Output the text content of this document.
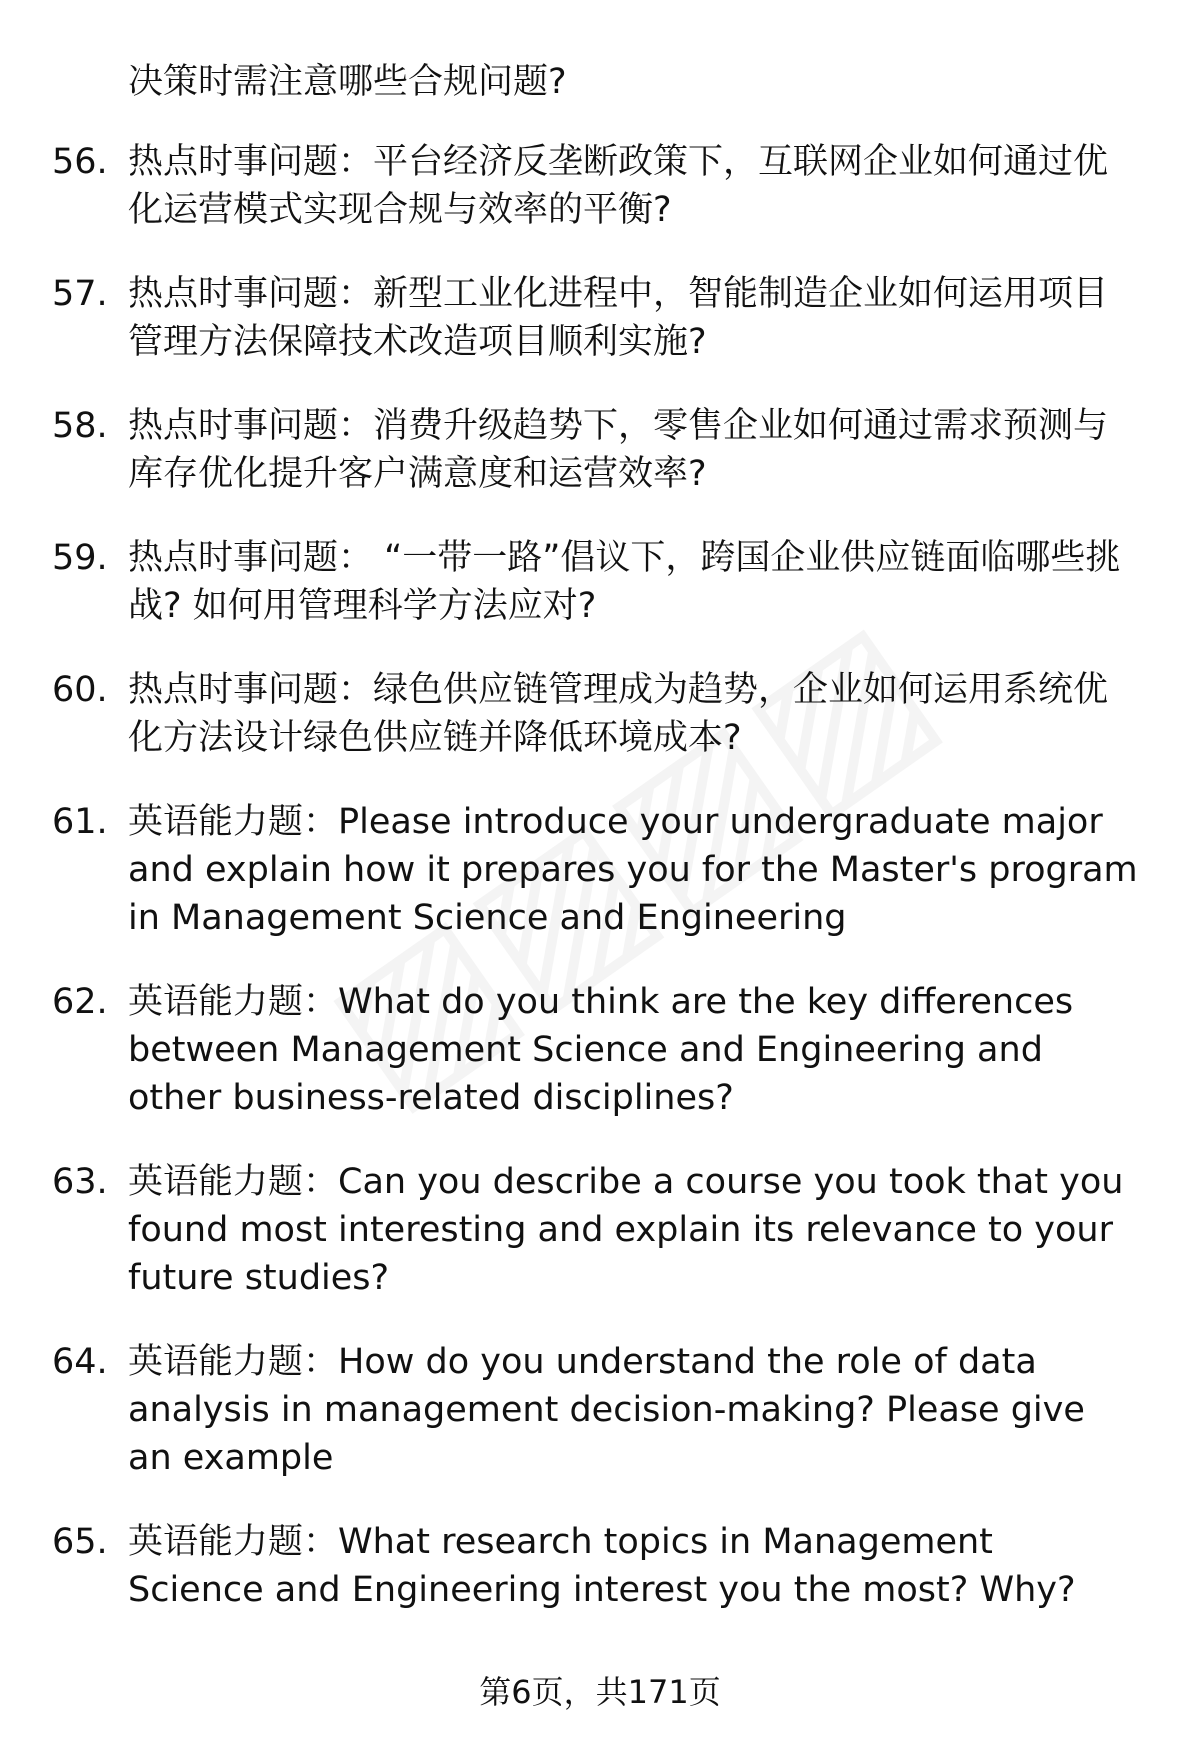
决策时需注意哪些合规问题?
56. 热点时事问题：平台经济反垄断政策下，互联网企业如何通过优化运营模式实现合规与效率的平衡?
57. 热点时事问题：新型工业化进程中，智能制造企业如何运用项目管理方法保障技术改造项目顺利实施?
58. 热点时事问题：消费升级趋势下，零售企业如何通过需求预测与库存优化提升客户满意度和运营效率?
59. 热点时事问题： “一带一路”倡议下，跨国企业供应链面临哪些挑战? 如何用管理科学方法应对?
60. 热点时事问题：绿色供应链管理成为趋势，企业如何运用系统优化方法设计绿色供应链并降低环境成本?
61. 英语能力题：Please introduce your undergraduate major and explain how it prepares you for the Master's program in Management Science and Engineering
62. 英语能力题：What do you think are the key differences between Management Science and Engineering and other business-related disciplines?
63. 英语能力题：Can you describe a course you took that you found most interesting and explain its relevance to your future studies?
64. 英语能力题：How do you understand the role of data analysis in management decision-making? Please give an example
65. 英语能力题：What research topics in Management Science and Engineering interest you the most? Why?
第6页，共171页
